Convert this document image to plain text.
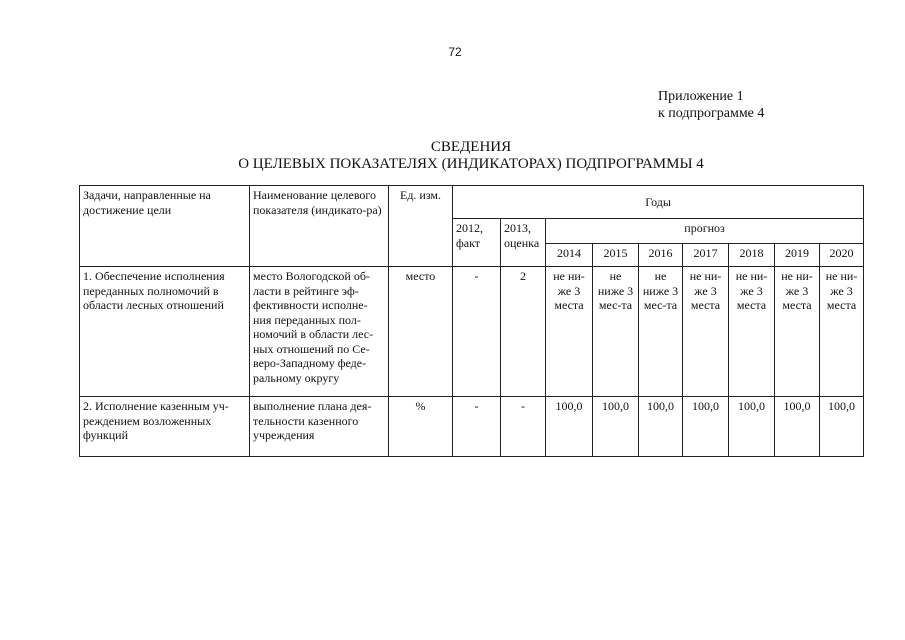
72
Приложение 1
к подпрограмме 4
СВЕДЕНИЯ
О ЦЕЛЕВЫХ ПОКАЗАТЕЛЯХ (ИНДИКАТОРАХ) ПОДПРОГРАММЫ 4
Задачи, направленные на достижение цели	Наименование целевого показателя (индикато-ра)	Ед. изм.	Годы								
			2012, факт	2013, оценка	прогноз						
					2014	2015	2016	2017	2018	2019	2020
1. Обеспечение исполнения переданных полномочий в области лесных отношений	место Вологодской об-ласти в рейтинге эф-фективности исполне-ния переданных пол-номочий в области лес-ных отношений по Се-веро-Западному феде-ральному округу	место	-	2	не ни-же 3 места	не ниже 3 мес-та	не ниже 3 мес-та	не ни-же 3 места	не ни-же 3 места	не ни-же 3 места	не ни-же 3 места
2. Исполнение казенным уч-реждением возложенных функций	выполнение плана дея-тельности казенного учреждения	%	-	-	100,0	100,0	100,0	100,0	100,0	100,0	100,0
